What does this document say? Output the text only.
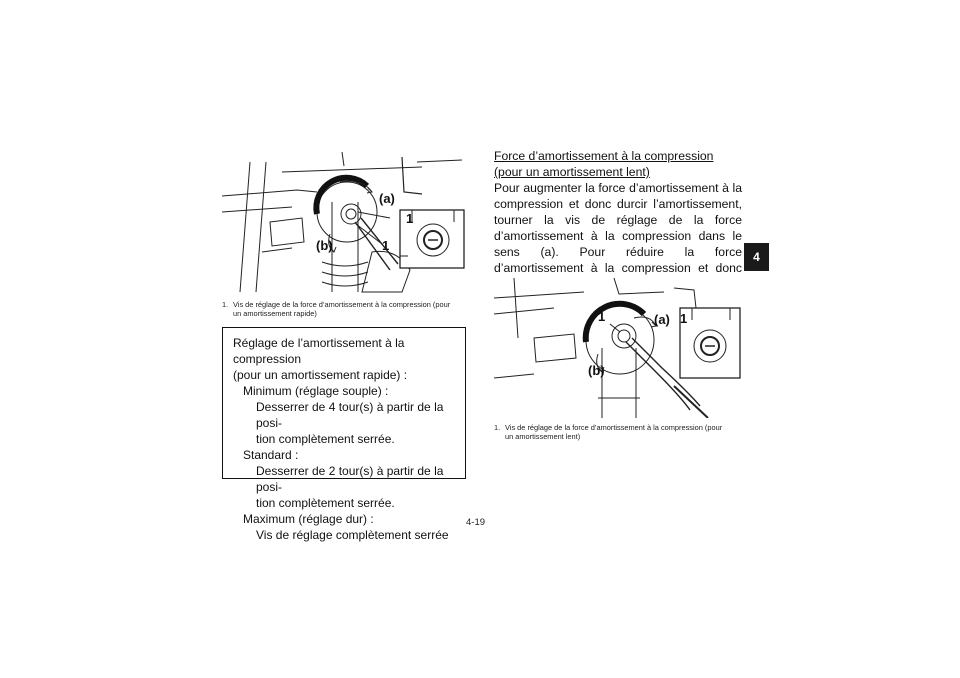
(a)
(b)
1
1
1. Vis de réglage de la force d’amortissement à la compression (pour un amortissement rapide)
Réglage de l’amortissement à la compression
(pour un amortissement rapide) :
Minimum (réglage souple) :
Desserrer de 4 tour(s) à partir de la posi-
tion complètement serrée.
Standard :
Desserrer de 2 tour(s) à partir de la posi-
tion complètement serrée.
Maximum (réglage dur) :
Vis de réglage complètement serrée
Force d’amortissement à la compression (pour un amortissement lent)
Pour augmenter la force d’amortissement à la compression et donc durcir l’amortissement, tourner la vis de réglage de la force d’amortissement à la compression dans le sens (a). Pour réduire la force d’amortissement à la compression et donc
1	(a) 1
(b)
1. Vis de réglage de la force d’amortissement à la compression (pour un amortissement lent)
4
4-19
